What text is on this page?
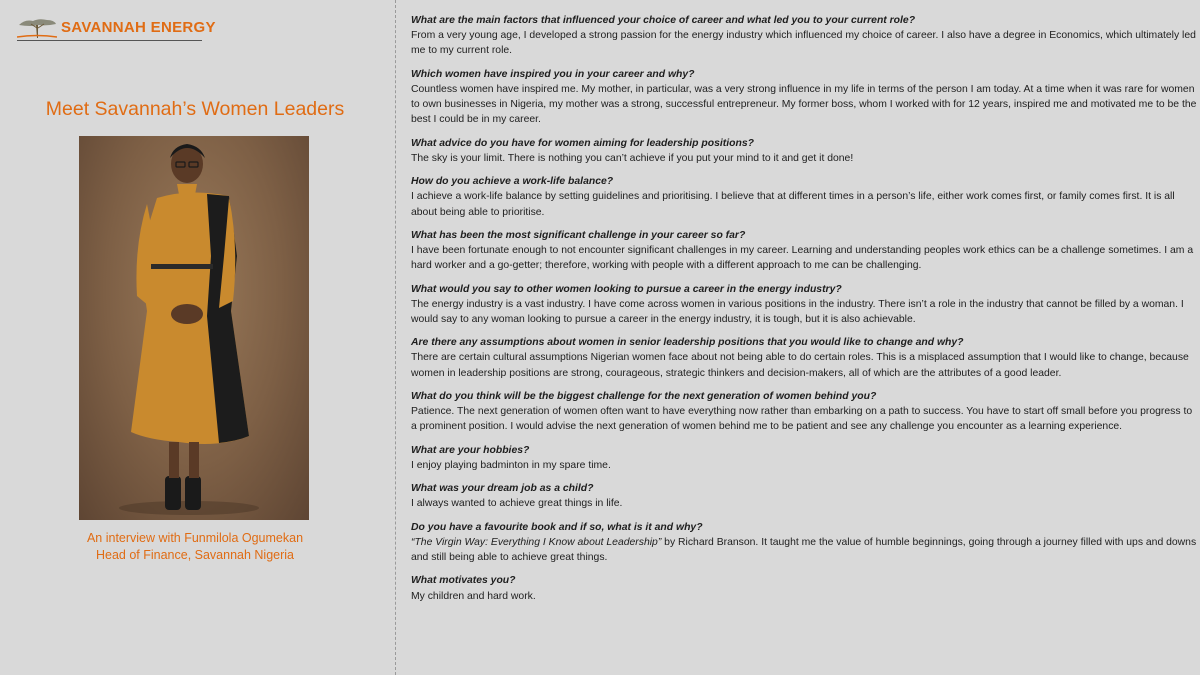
SAVANNAH ENERGY
Meet Savannah’s Women Leaders
An interview with Funmilola Ogumekan
Head of Finance, Savannah Nigeria
What are the main factors that influenced your choice of career and what led you to your current role?

From a very young age, I developed a strong passion for the energy industry which influenced my choice of career. I also have a degree in Economics, which ultimately led me to my current role.

Which women have inspired you in your career and why?

Countless women have inspired me. My mother, in particular, was a very strong influence in my life in terms of the person I am today. At a time when it was rare for women to own businesses in Nigeria, my mother was a strong, successful entrepreneur. My former boss, whom I worked with for 12 years, inspired me and motivated me to be the best I could be in my career.

What advice do you have for women aiming for leadership positions?

The sky is your limit. There is nothing you can’t achieve if you put your mind to it and get it done!

How do you achieve a work-life balance?

I achieve a work-life balance by setting guidelines and prioritising. I believe that at different times in a person’s life, either work comes first, or family comes first. It is all about being able to prioritise.

What has been the most significant challenge in your career so far?

I have been fortunate enough to not encounter significant challenges in my career. Learning and understanding peoples work ethics can be a challenge sometimes. I am a hard worker and a go-getter; therefore, working with people with a different approach to me can be challenging.

What would you say to other women looking to pursue a career in the energy industry?

The energy industry is a vast industry. I have come across women in various positions in the industry. There isn’t a role in the industry that cannot be filled by a woman. I would say to any woman looking to pursue a career in the energy industry, it is tough, but it is also achievable.

Are there any assumptions about women in senior leadership positions that you would like to change and why?

There are certain cultural assumptions Nigerian women face about not being able to do certain roles. This is a misplaced assumption that I would like to change, because women in leadership positions are strong, courageous, strategic thinkers and decision-makers, all of which are the attributes of a good leader.

What do you think will be the biggest challenge for the next generation of women behind you?

Patience. The next generation of women often want to have everything now rather than embarking on a path to success. You have to start off small before you progress to a prominent position. I would advise the next generation of women behind me to be patient and see any challenge you encounter as a learning experience.

What are your hobbies?

I enjoy playing badminton in my spare time.

What was your dream job as a child?

I always wanted to achieve great things in life.

Do you have a favourite book and if so, what is it and why?

“The Virgin Way: Everything I Know about Leadership” by Richard Branson. It taught me the value of humble beginnings, going through a journey filled with ups and downs and still being able to achieve great things.

What motivates you?

My children and hard work.
